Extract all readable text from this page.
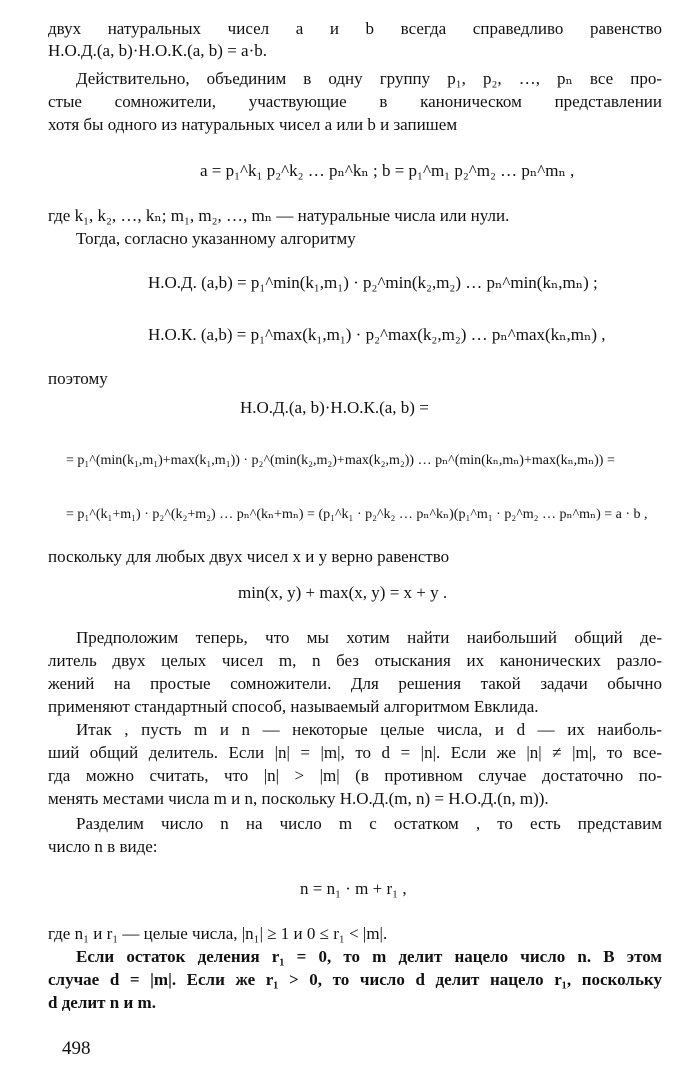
двух натуральных чисел a и b всегда справедливо равенство
Н.О.Д.(a, b)·Н.О.К.(a, b) = a·b.
Действительно, объединим в одну группу p₁, p₂, …, pₙ все про-
стые сомножители, участвующие в каноническом представлении
хотя бы одного из натуральных чисел a или b и запишем
a = p₁^k₁ p₂^k₂ … pₙ^kₙ ; b = p₁^m₁ p₂^m₂ … pₙ^mₙ ,
где k₁, k₂, …, kₙ; m₁, m₂, …, mₙ — натуральные числа или нули.
Тогда, согласно указанному алгоритму
Н.О.Д. (a,b) = p₁^min(k₁,m₁) · p₂^min(k₂,m₂) … pₙ^min(kₙ,mₙ) ;
Н.О.К. (a,b) = p₁^max(k₁,m₁) · p₂^max(k₂,m₂) … pₙ^max(kₙ,mₙ) ,
поэтому
Н.О.Д.(a, b)·Н.О.К.(a, b) =
= p₁^(min(k₁,m₁)+max(k₁,m₁)) · p₂^(min(k₂,m₂)+max(k₂,m₂)) … pₙ^(min(kₙ,mₙ)+max(kₙ,mₙ)) =
= p₁^(k₁+m₁) · p₂^(k₂+m₂) … pₙ^(kₙ+mₙ) = (p₁^k₁ · p₂^k₂ … pₙ^kₙ)(p₁^m₁ · p₂^m₂ … pₙ^mₙ) = a · b ,
поскольку для любых двух чисел x и y верно равенство
min(x, y) + max(x, y) = x + y .
Предположим теперь, что мы хотим найти наибольший общий де-
литель двух целых чисел m, n без отыскания их канонических разло-
жений на простые сомножители. Для решения такой задачи обычно
применяют стандартный способ, называемый алгоритмом Евклида.
Итак , пусть m и n — некоторые целые числа, и d — их наиболь-
ший общий делитель. Если |n| = |m|, то d = |n|. Если же |n| ≠ |m|, то все-
гда можно считать, что |n| > |m| (в противном случае достаточно по-
менять местами числа m и n, поскольку Н.О.Д.(m, n) = Н.О.Д.(n, m)).
Разделим число n на число m с остатком , то есть представим
число n в виде:
n = n₁ · m + r₁ ,
где n₁ и r₁ — целые числа, |n₁| ≥ 1 и 0 ≤ r₁ < |m|.
Если остаток деления r₁ = 0, то m делит нацело число n. В этом
случае d = |m|. Если же r₁ > 0, то число d делит нацело r₁, поскольку
d делит n и m.
498
